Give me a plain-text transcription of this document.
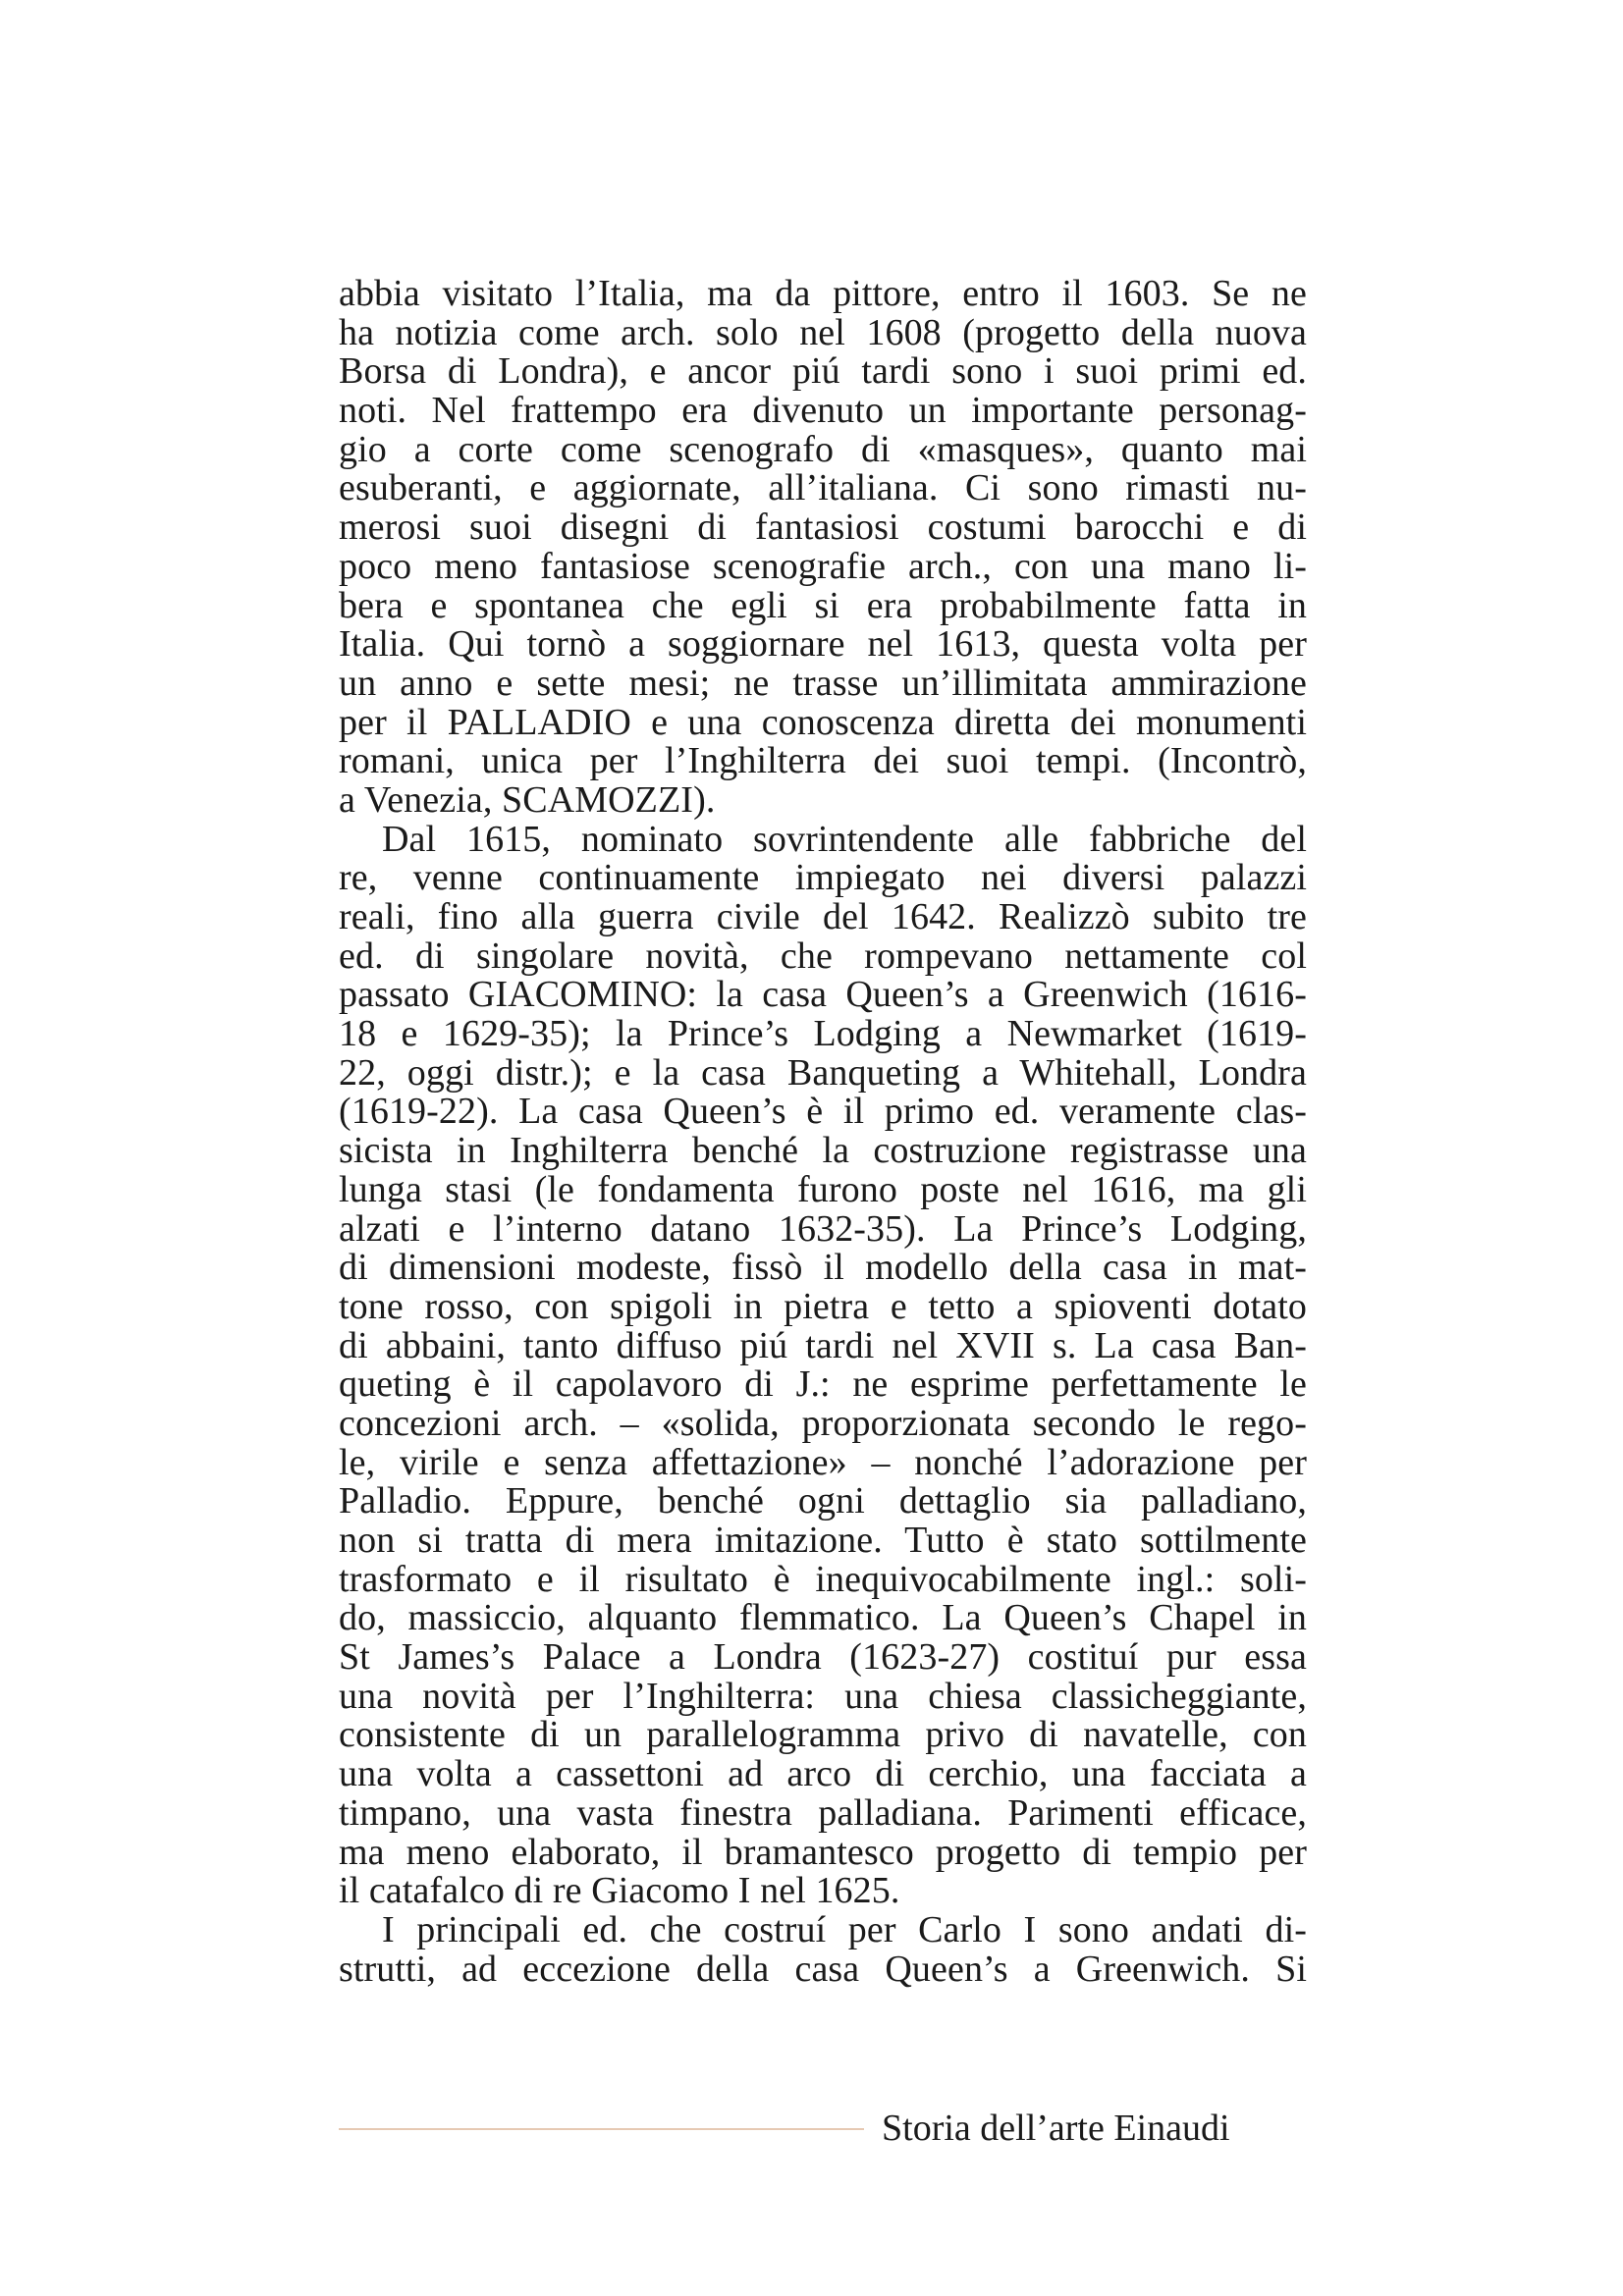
abbia visitato l’Italia, ma da pittore, entro il 1603. Se ne
ha notizia come arch. solo nel 1608 (progetto della nuova
Borsa di Londra), e ancor piú tardi sono i suoi primi ed.
noti. Nel frattempo era divenuto un importante personag-
gio a corte come scenografo di «masques», quanto mai
esuberanti, e aggiornate, all’italiana. Ci sono rimasti nu-
merosi suoi disegni di fantasiosi costumi barocchi e di
poco meno fantasiose scenografie arch., con una mano li-
bera e spontanea che egli si era probabilmente fatta in
Italia. Qui tornò a soggiornare nel 1613, questa volta per
un anno e sette mesi; ne trasse un’illimitata ammirazione
per il PALLADIO e una conoscenza diretta dei monumenti
romani, unica per l’Inghilterra dei suoi tempi. (Incontrò,
a Venezia, SCAMOZZI).
Dal 1615, nominato sovrintendente alle fabbriche del
re, venne continuamente impiegato nei diversi palazzi
reali, fino alla guerra civile del 1642. Realizzò subito tre
ed. di singolare novità, che rompevano nettamente col
passato GIACOMINO: la casa Queen’s a Greenwich (1616-
18 e 1629-35); la Prince’s Lodging a Newmarket (1619-
22, oggi distr.); e la casa Banqueting a Whitehall, Londra
(1619-22). La casa Queen’s è il primo ed. veramente clas-
sicista in Inghilterra benché la costruzione registrasse una
lunga stasi (le fondamenta furono poste nel 1616, ma gli
alzati e l’interno datano 1632-35). La Prince’s Lodging,
di dimensioni modeste, fissò il modello della casa in mat-
tone rosso, con spigoli in pietra e tetto a spioventi dotato
di abbaini, tanto diffuso piú tardi nel XVII s. La casa Ban-
queting è il capolavoro di J.: ne esprime perfettamente le
concezioni arch. – «solida, proporzionata secondo le rego-
le, virile e senza affettazione» – nonché l’adorazione per
Palladio. Eppure, benché ogni dettaglio sia palladiano,
non si tratta di mera imitazione. Tutto è stato sottilmente
trasformato e il risultato è inequivocabilmente ingl.: soli-
do, massiccio, alquanto flemmatico. La Queen’s Chapel in
St James’s Palace a Londra (1623-27) costituí pur essa
una novità per l’Inghilterra: una chiesa classicheggiante,
consistente di un parallelogramma privo di navatelle, con
una volta a cassettoni ad arco di cerchio, una facciata a
timpano, una vasta finestra palladiana. Parimenti efficace,
ma meno elaborato, il bramantesco progetto di tempio per
il catafalco di re Giacomo I nel 1625.
I principali ed. che costruí per Carlo I sono andati di-
strutti, ad eccezione della casa Queen’s a Greenwich. Si
Storia dell’arte Einaudi
